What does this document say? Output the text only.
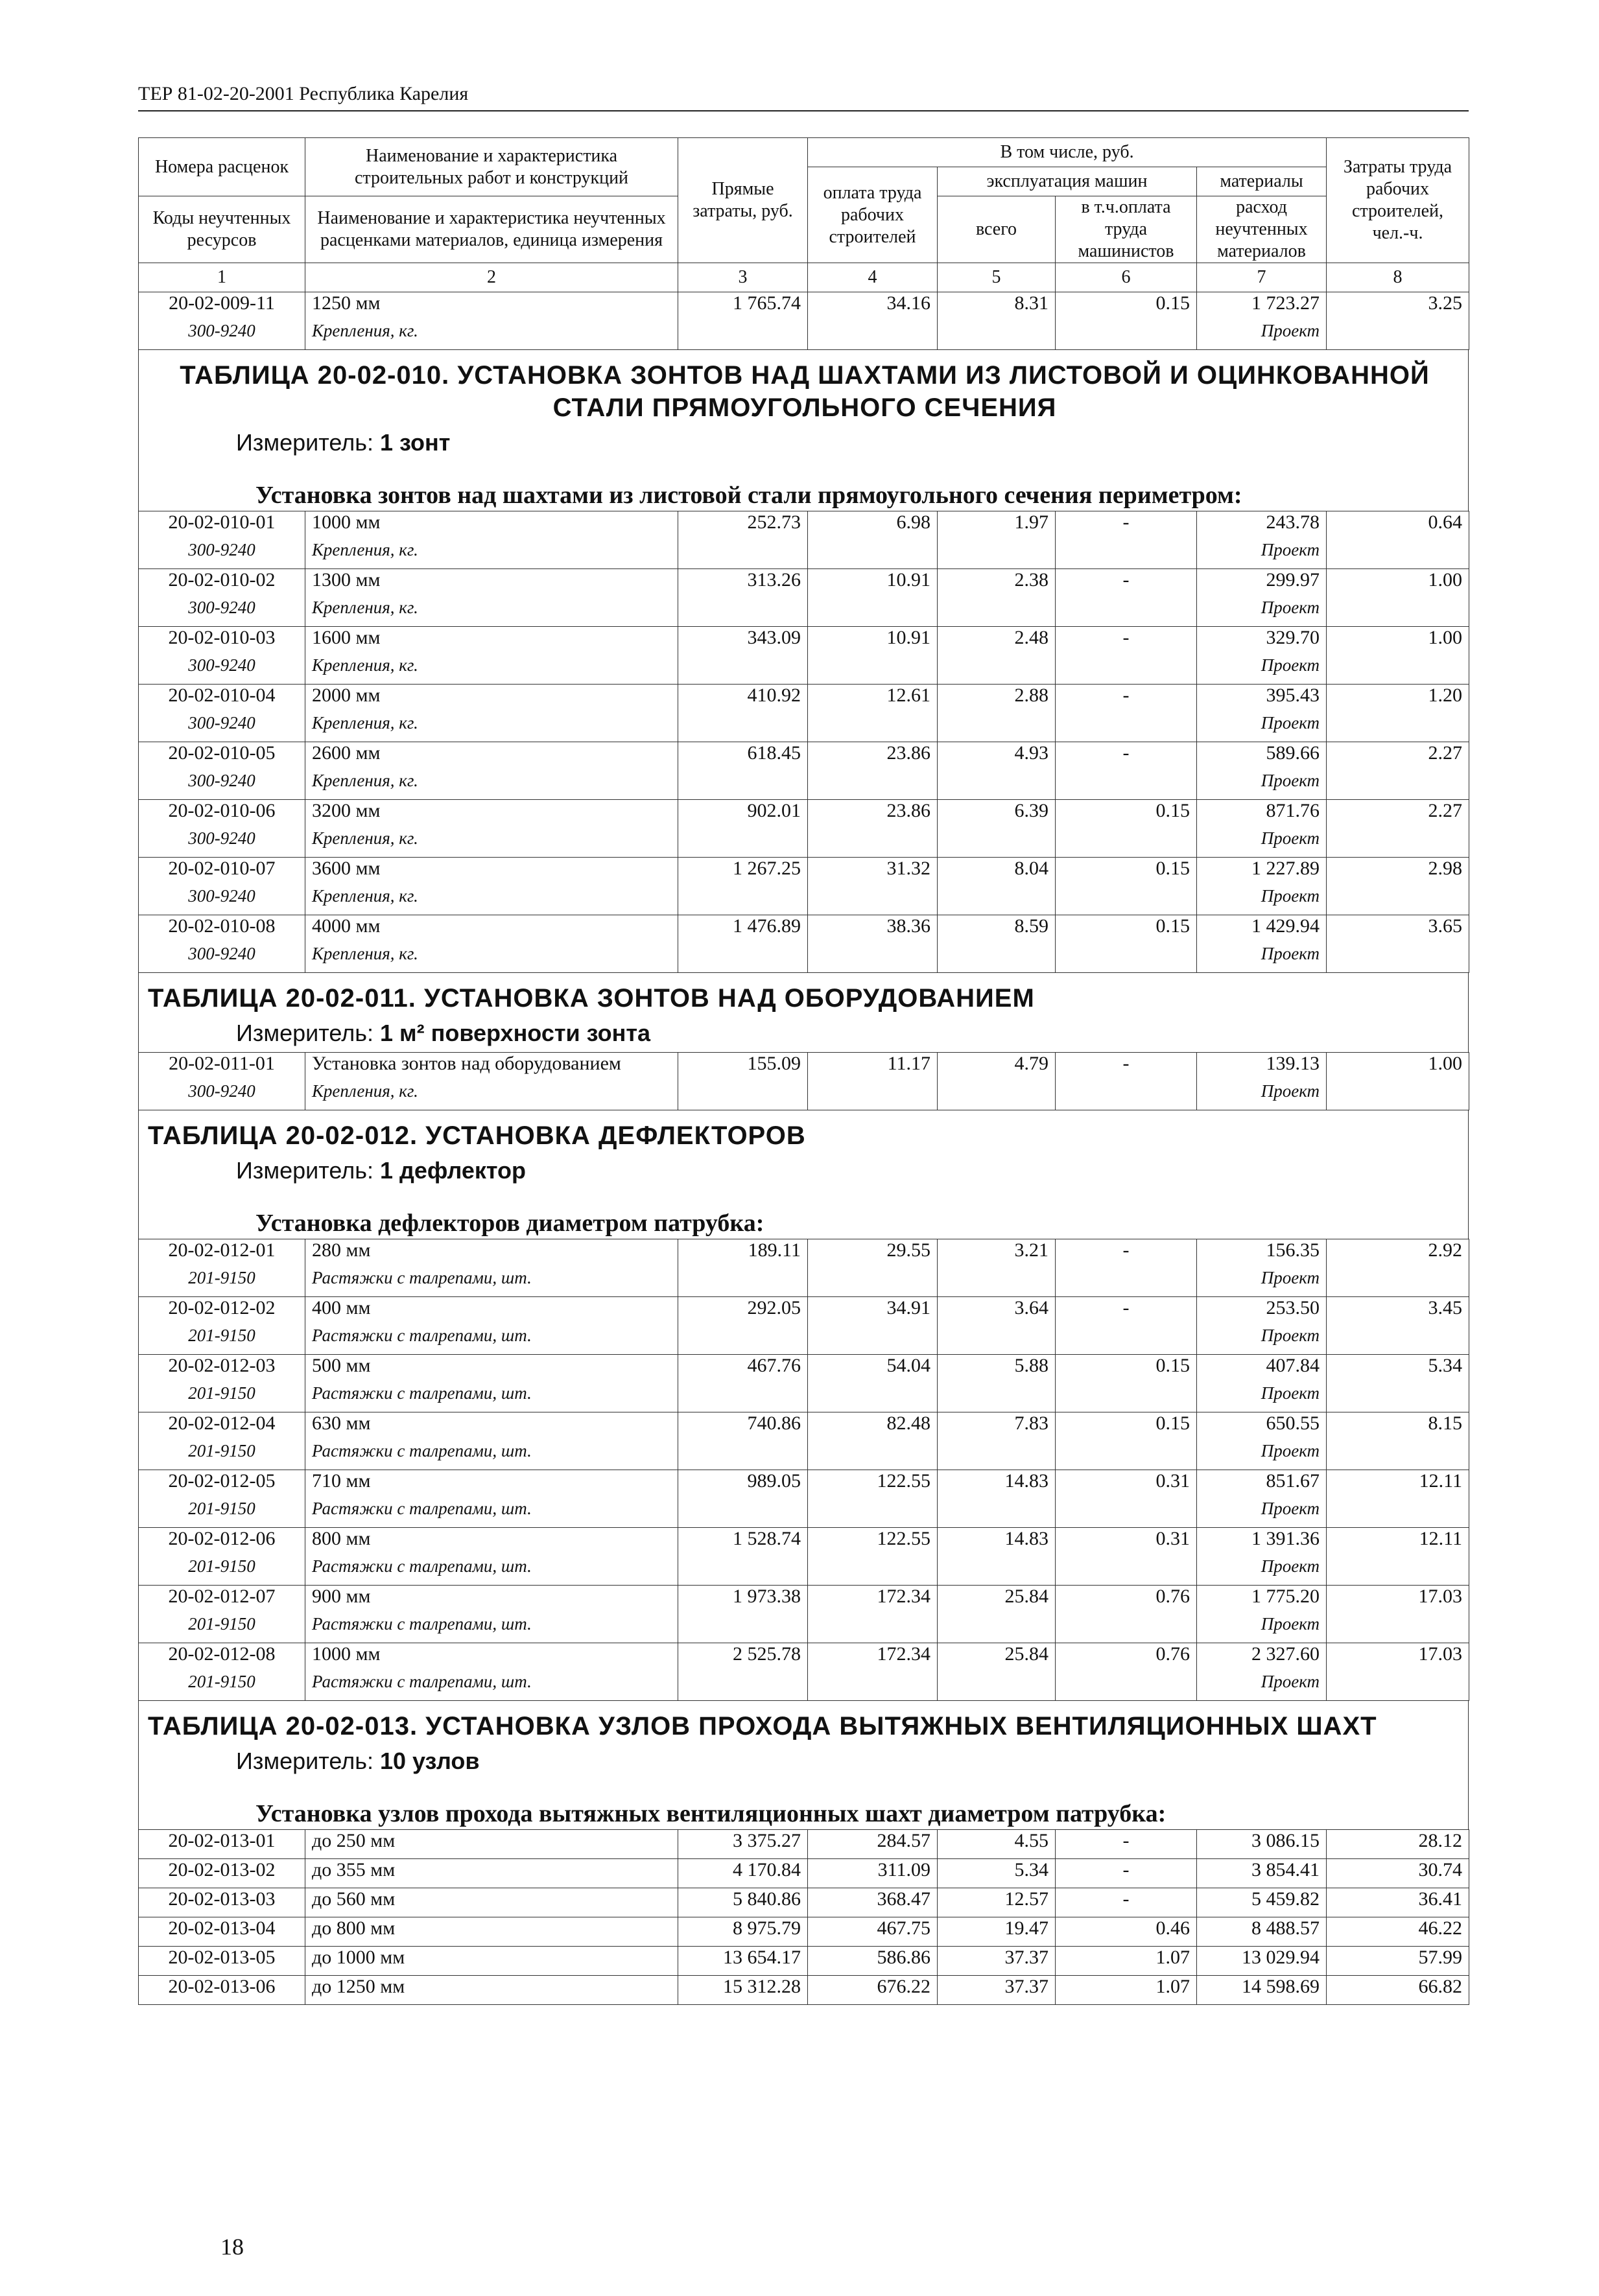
ТЕР 81-02-20-2001 Республика Карелия
Номера расценок	Наименование и характеристика строительных работ и конструкций	Прямые затраты, руб.	В том числе, руб.				Затраты труда рабочих строителей, чел.-ч.
			оплата труда рабочих строителей	эксплуатация машин		материалы	
Коды неучтенных ресурсов	Наименование и характеристика неучтенных расценками материалов, единица измерения			всего	в т.ч.оплата труда машинистов	расход неучтенных материалов	

1	2	3	4	5	6	7	8
20-02-009-11	1250 мм	1 765.74	34.16	8.31	0.15	1 723.27	3.25
300-9240	Крепления, кг.					Проект	
ТАБЛИЦА 20-02-010. УСТАНОВКА ЗОНТОВ НАД ШАХТАМИ ИЗ ЛИСТОВОЙ И ОЦИНКОВАННОЙ СТАЛИ ПРЯМОУГОЛЬНОГО СЕЧЕНИЯ
Измеритель: 1 зонт
Установка зонтов над шахтами из листовой стали прямоугольного сечения периметром:
20-02-010-01	1000 мм	252.73	6.98	1.97	-	243.78	0.64
300-9240	Крепления, кг.					Проект	
20-02-010-02	1300 мм	313.26	10.91	2.38	-	299.97	1.00
300-9240	Крепления, кг.					Проект	
20-02-010-03	1600 мм	343.09	10.91	2.48	-	329.70	1.00
300-9240	Крепления, кг.					Проект	
20-02-010-04	2000 мм	410.92	12.61	2.88	-	395.43	1.20
300-9240	Крепления, кг.					Проект	
20-02-010-05	2600 мм	618.45	23.86	4.93	-	589.66	2.27
300-9240	Крепления, кг.					Проект	
20-02-010-06	3200 мм	902.01	23.86	6.39	0.15	871.76	2.27
300-9240	Крепления, кг.					Проект	
20-02-010-07	3600 мм	1 267.25	31.32	8.04	0.15	1 227.89	2.98
300-9240	Крепления, кг.					Проект	
20-02-010-08	4000 мм	1 476.89	38.36	8.59	0.15	1 429.94	3.65
300-9240	Крепления, кг.					Проект	
ТАБЛИЦА 20-02-011. УСТАНОВКА ЗОНТОВ НАД ОБОРУДОВАНИЕМ
Измеритель: 1 м² поверхности зонта
20-02-011-01	Установка зонтов над оборудованием	155.09	11.17	4.79	-	139.13	1.00
300-9240	Крепления, кг.					Проект	
ТАБЛИЦА 20-02-012. УСТАНОВКА ДЕФЛЕКТОРОВ
Измеритель: 1 дефлектор
Установка дефлекторов диаметром патрубка:
20-02-012-01	280 мм	189.11	29.55	3.21	-	156.35	2.92
201-9150	Растяжки с талрепами, шт.					Проект	
20-02-012-02	400 мм	292.05	34.91	3.64	-	253.50	3.45
201-9150	Растяжки с талрепами, шт.					Проект	
20-02-012-03	500 мм	467.76	54.04	5.88	0.15	407.84	5.34
201-9150	Растяжки с талрепами, шт.					Проект	
20-02-012-04	630 мм	740.86	82.48	7.83	0.15	650.55	8.15
201-9150	Растяжки с талрепами, шт.					Проект	
20-02-012-05	710 мм	989.05	122.55	14.83	0.31	851.67	12.11
201-9150	Растяжки с талрепами, шт.					Проект	
20-02-012-06	800 мм	1 528.74	122.55	14.83	0.31	1 391.36	12.11
201-9150	Растяжки с талрепами, шт.					Проект	
20-02-012-07	900 мм	1 973.38	172.34	25.84	0.76	1 775.20	17.03
201-9150	Растяжки с талрепами, шт.					Проект	
20-02-012-08	1000 мм	2 525.78	172.34	25.84	0.76	2 327.60	17.03
201-9150	Растяжки с талрепами, шт.					Проект	
ТАБЛИЦА 20-02-013. УСТАНОВКА УЗЛОВ ПРОХОДА ВЫТЯЖНЫХ ВЕНТИЛЯЦИОННЫХ ШАХТ
Измеритель: 10 узлов
Установка узлов прохода вытяжных вентиляционных шахт диаметром патрубка:
20-02-013-01	до 250 мм	3 375.27	284.57	4.55	-	3 086.15	28.12
20-02-013-02	до 355 мм	4 170.84	311.09	5.34	-	3 854.41	30.74
20-02-013-03	до 560 мм	5 840.86	368.47	12.57	-	5 459.82	36.41
20-02-013-04	до 800 мм	8 975.79	467.75	19.47	0.46	8 488.57	46.22
20-02-013-05	до 1000 мм	13 654.17	586.86	37.37	1.07	13 029.94	57.99
20-02-013-06	до 1250 мм	15 312.28	676.22	37.37	1.07	14 598.69	66.82
18
